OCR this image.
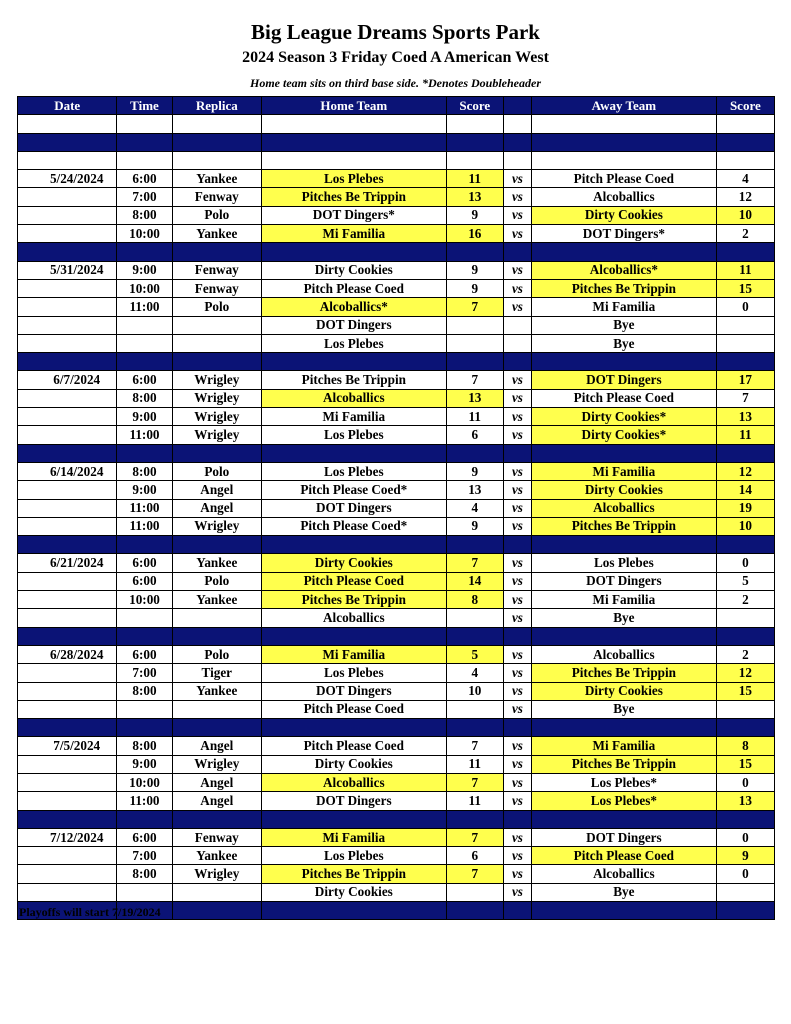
Big League Dreams Sports Park
2024 Season 3 Friday Coed A American West
Home team sits on third base side. *Denotes Doubleheader
Date	Time	Replica	Home Team	Score		Away Team	Score

5/24/2024	6:00	Yankee	Los Plebes	11	vs	Pitch Please Coed	4
	7:00	Fenway	Pitches Be Trippin	13	vs	Alcoballics	12
	8:00	Polo	DOT Dingers*	9	vs	Dirty Cookies	10
	10:00	Yankee	Mi Familia	16	vs	DOT Dingers*	2

5/31/2024	9:00	Fenway	Dirty Cookies	9	vs	Alcoballics*	11
	10:00	Fenway	Pitch Please Coed	9	vs	Pitches Be Trippin	15
	11:00	Polo	Alcoballics*	7	vs	Mi Familia	0
			DOT Dingers			Bye	
			Los Plebes			Bye	

6/7/2024	6:00	Wrigley	Pitches Be Trippin	7	vs	DOT Dingers	17
	8:00	Wrigley	Alcoballics	13	vs	Pitch Please Coed	7
	9:00	Wrigley	Mi Familia	11	vs	Dirty Cookies*	13
	11:00	Wrigley	Los Plebes	6	vs	Dirty Cookies*	11

6/14/2024	8:00	Polo	Los Plebes	9	vs	Mi Familia	12
	9:00	Angel	Pitch Please Coed*	13	vs	Dirty Cookies	14
	11:00	Angel	DOT Dingers	4	vs	Alcoballics	19
	11:00	Wrigley	Pitch Please Coed*	9	vs	Pitches Be Trippin	10

6/21/2024	6:00	Yankee	Dirty Cookies	7	vs	Los Plebes	0
	6:00	Polo	Pitch Please Coed	14	vs	DOT Dingers	5
	10:00	Yankee	Pitches Be Trippin	8	vs	Mi Familia	2
			Alcoballics		vs	Bye	

6/28/2024	6:00	Polo	Mi Familia	5	vs	Alcoballics	2
	7:00	Tiger	Los Plebes	4	vs	Pitches Be Trippin	12
	8:00	Yankee	DOT Dingers	10	vs	Dirty Cookies	15
			Pitch Please Coed		vs	Bye	

7/5/2024	8:00	Angel	Pitch Please Coed	7	vs	Mi Familia	8
	9:00	Wrigley	Dirty Cookies	11	vs	Pitches Be Trippin	15
	10:00	Angel	Alcoballics	7	vs	Los Plebes*	0
	11:00	Angel	DOT Dingers	11	vs	Los Plebes*	13

7/12/2024	6:00	Fenway	Mi Familia	7	vs	DOT Dingers	0
	7:00	Yankee	Los Plebes	6	vs	Pitch Please Coed	9
	8:00	Wrigley	Pitches Be Trippin	7	vs	Alcoballics	0
			Dirty Cookies		vs	Bye	

Playoffs will start 7/19/2024
